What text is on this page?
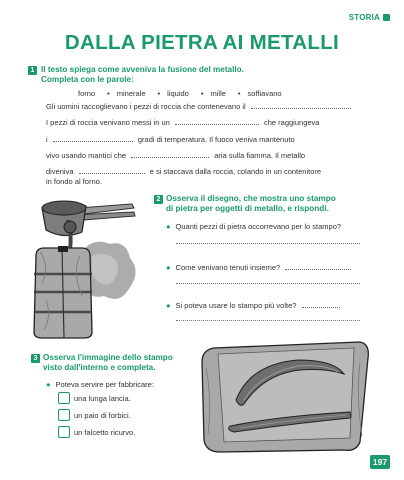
STORIA
DALLA PIETRA AI METALLI
1 Il testo spiega come avveniva la fusione del metallo.
Completa con le parole:
forno	• minerale	• liquido	• mille	• soffiavano
Gli uomini raccoglievano i pezzi di roccia che contenevano il
I pezzi di roccia venivano messi in un	che raggiungeva
i	gradi di temperatura. Il fuoco veniva mantenuto
vivo usando mantici che	aria sulla fiamma. Il metallo
diveniva	e si staccava dalla roccia, colando in un contenitore
in fondo al forno.
2 Osserva il disegno, che mostra uno stampo
di pietra per oggetti di metallo, e rispondi.
● Quanti pezzi di pietra occorrevano per lo stampo?
● Come venivano tenuti insieme?
● Si poteva usare lo stampo più volte?
3 Osserva l'immagine dello stampo
visto dall'interno e completa.
● Poteva servire per fabbricare:
una lunga lancia.
un paio di forbici.
un falcetto ricurvo.
197
